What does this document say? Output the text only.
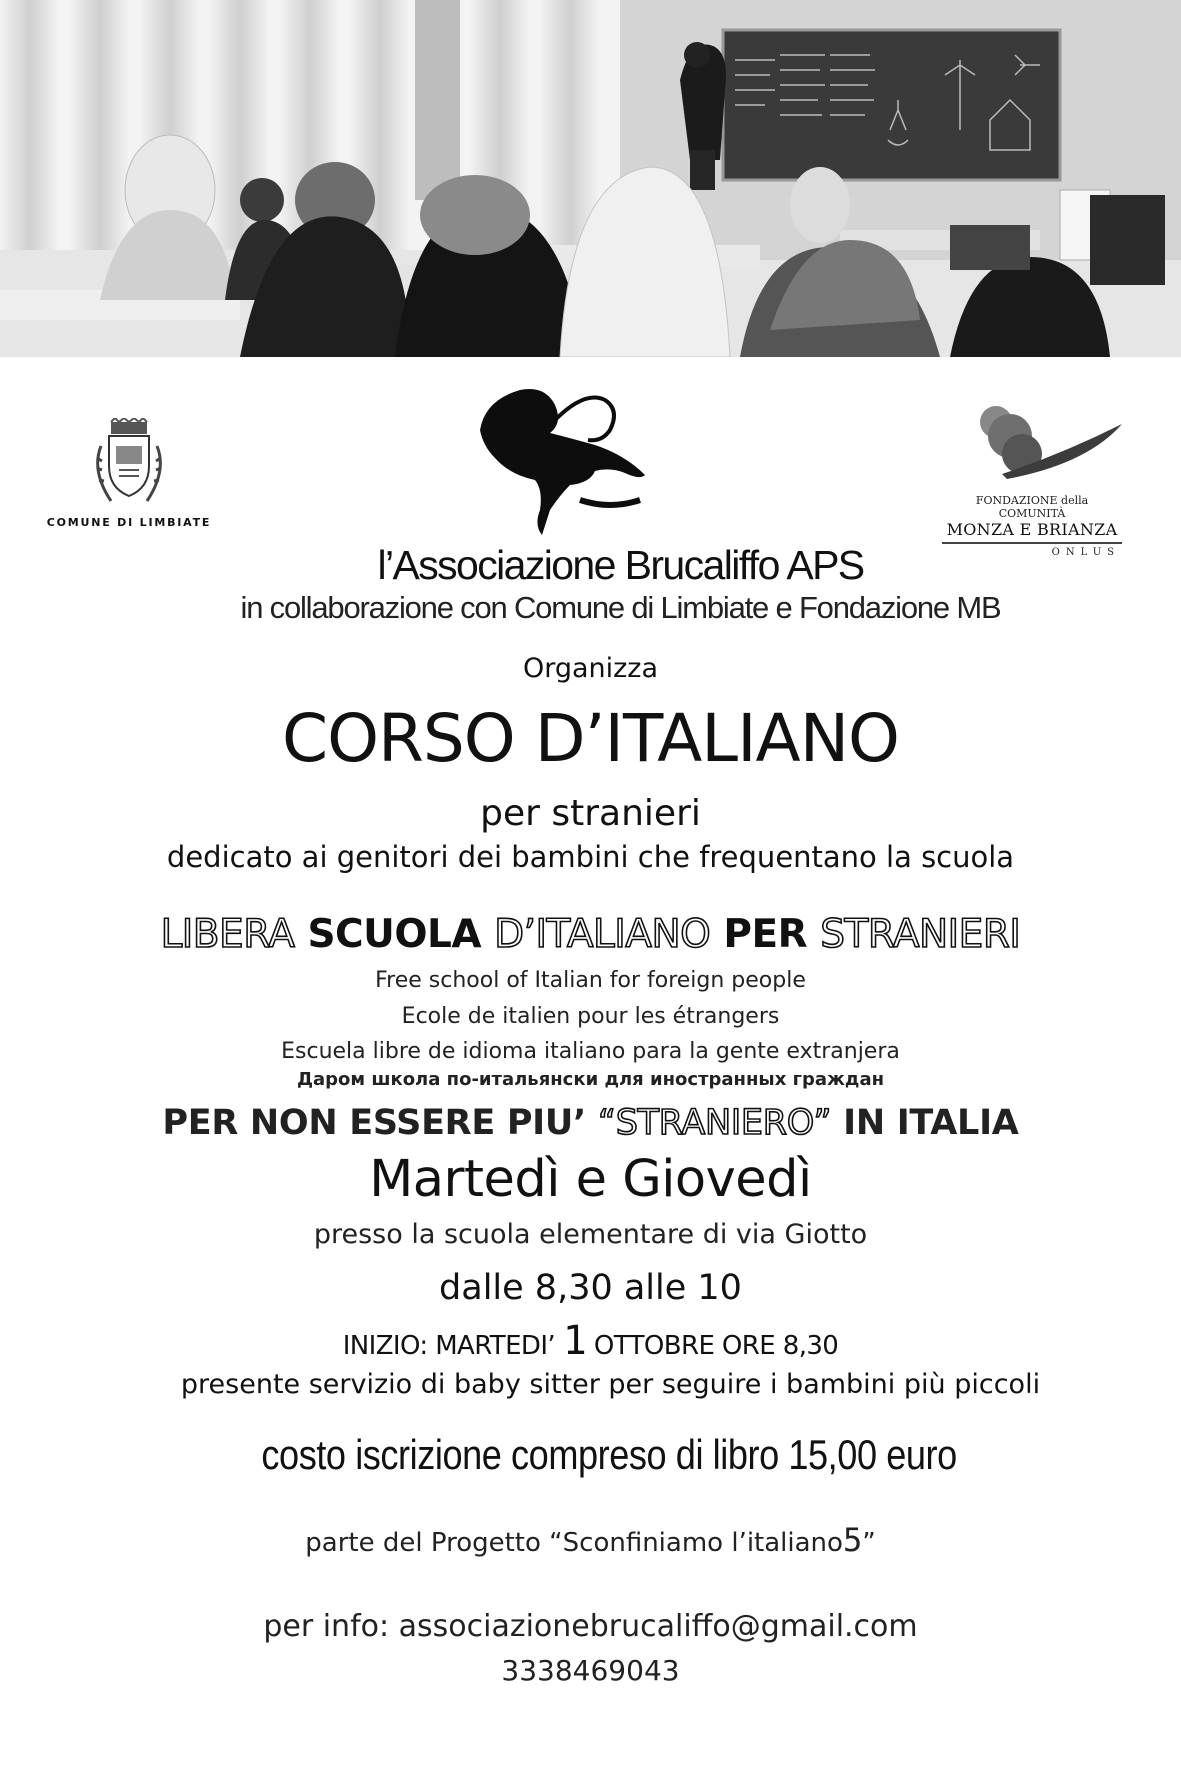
COMUNE DI LIMBIATE
FONDAZIONE della COMUNITÀ
MONZA E BRIANZA
ONLUS
l’Associazione Brucaliffo APS
in collaborazione con Comune di Limbiate e Fondazione MB
Organizza
CORSO D’ITALIANO
per stranieri
dedicato ai genitori dei bambini che frequentano la scuola
LIBERA SCUOLA D’ITALIANO PER STRANIERI
Free school of Italian for foreign people
Ecole de italien pour les étrangers
Escuela libre de idioma italiano para la gente extranjera
Даром школа по-итальянски для иностранных граждан
PER NON ESSERE PIU’ “STRANIERO” IN ITALIA
Martedì e Giovedì
presso la scuola elementare di via Giotto
dalle 8,30 alle 10
INIZIO: MARTEDI’ 1 OTTOBRE ORE 8,30
presente servizio di baby sitter per seguire i bambini più piccoli
costo iscrizione compreso di libro 15,00 euro
parte del Progetto “Sconfiniamo l’italiano5”
per info: associazionebrucaliffo@gmail.com
3338469043
